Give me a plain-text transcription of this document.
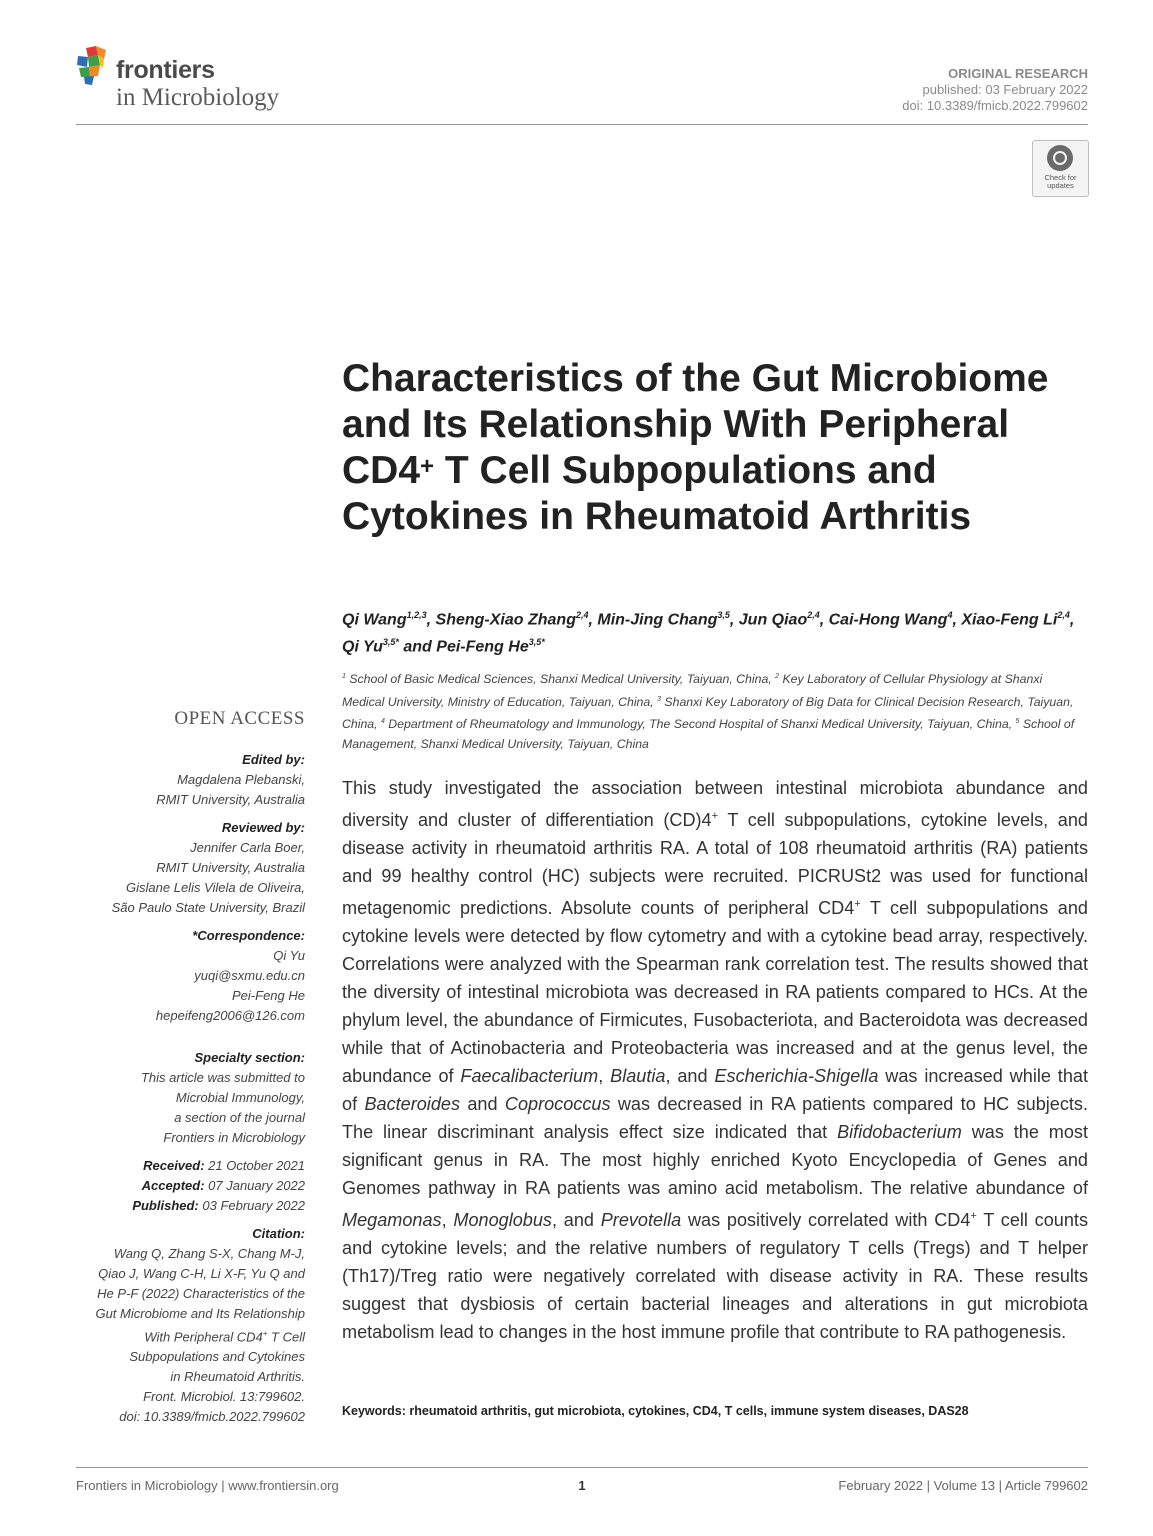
frontiers
in Microbiology
ORIGINAL RESEARCH
published: 03 February 2022
doi: 10.3389/fmicb.2022.799602
Check for updates
Characteristics of the Gut Microbiome and Its Relationship With Peripheral CD4+ T Cell Subpopulations and Cytokines in Rheumatoid Arthritis
Qi Wang$^{1,2,3}$, Sheng-Xiao Zhang$^{2,4}$, Min-Jing Chang$^{3,5}$, Jun Qiao$^{2,4}$, Cai-Hong Wang$^4$, Xiao-Feng Li$^{2,4}$, Qi $Yu^{3,5*}$ and Pei-Feng $He^{3,5*}$
$^1$ School of Basic Medical Sciences, Shanxi Medical University, Taiyuan, China, $^2$ Key Laboratory of Cellular Physiology at Shanxi Medical University, Ministry of Education, Taiyuan, China, $^3$ Shanxi Key Laboratory of Big Data for Clinical Decision Research, Taiyuan, China, $^4$ Department of Rheumatology and Immunology, The Second Hospital of Shanxi Medical University, Taiyuan, China, $^5$ School of Management, Shanxi Medical University, Taiyuan, China
This study investigated the association between intestinal microbiota abundance and diversity and cluster of differentiation (CD)4+ T cell subpopulations, cytokine levels, and disease activity in rheumatoid arthritis RA. A total of 108 rheumatoid arthritis (RA) patients and 99 healthy control (HC) subjects were recruited. PICRUSt2 was used for functional metagenomic predictions. Absolute counts of peripheral CD4+ T cell subpopulations and cytokine levels were detected by flow cytometry and with a cytokine bead array, respectively. Correlations were analyzed with the Spearman rank correlation test. The results showed that the diversity of intestinal microbiota was decreased in RA patients compared to HCs. At the phylum level, the abundance of Firmicutes, Fusobacteriota, and Bacteroidota was decreased while that of Actinobacteria and Proteobacteria was increased and at the genus level, the abundance of Faecalibacterium, Blautia, and Escherichia-Shigella was increased while that of Bacteroides and Coprococcus was decreased in RA patients compared to HC subjects. The linear discriminant analysis effect size indicated that Bifidobacterium was the most significant genus in RA. The most highly enriched Kyoto Encyclopedia of Genes and Genomes pathway in RA patients was amino acid metabolism. The relative abundance of Megamonas, Monoglobus, and Prevotella was positively correlated with CD4+ T cell counts and cytokine levels; and the relative numbers of regulatory T cells (Tregs) and T helper (Th17)/Treg ratio were negatively correlated with disease activity in RA. These results suggest that dysbiosis of certain bacterial lineages and alterations in gut microbiota metabolism lead to changes in the host immune profile that contribute to RA pathogenesis.
Keywords: rheumatoid arthritis, gut microbiota, cytokines, CD4, T cells, immune system diseases, DAS28
OPEN ACCESS
Edited by:
Magdalena Plebanski,
RMIT University, Australia
Reviewed by:
Jennifer Carla Boer,
RMIT University, Australia
Gislane Lelis Vilela de Oliveira,
São Paulo State University, Brazil
*Correspondence:
Qi Yu
yuqi@sxmu.edu.cn
Pei-Feng He
hepeifeng2006@126.com
Specialty section:
This article was submitted to
Microbial Immunology,
a section of the journal
Frontiers in Microbiology
Received: 21 October 2021
Accepted: 07 January 2022
Published: 03 February 2022
Citation:
Wang Q, Zhang S-X, Chang M-J,
Qiao J, Wang C-H, Li X-F, Yu Q and
He P-F (2022) Characteristics of the
Gut Microbiome and Its Relationship
With Peripheral CD4+ T Cell
Subpopulations and Cytokines
in Rheumatoid Arthritis.
Front. Microbiol. 13:799602.
doi: 10.3389/fmicb.2022.799602
Frontiers in Microbiology | www.frontiersin.org	1	February 2022 | Volume 13 | Article 799602
